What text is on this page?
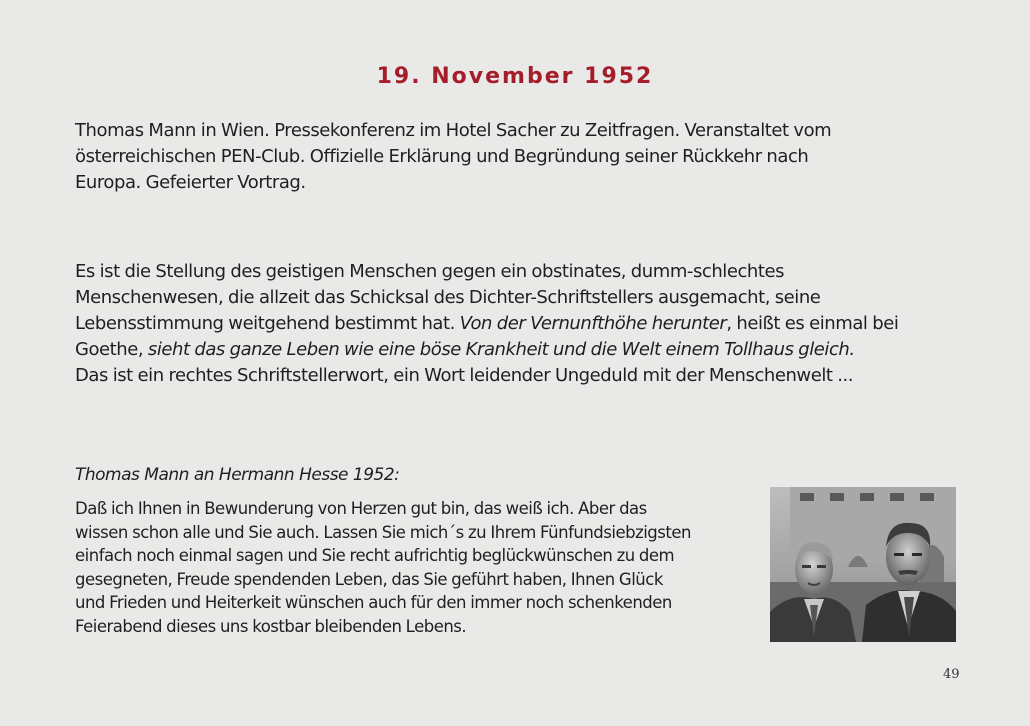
19. November 1952
Thomas Mann in Wien. Pressekonferenz im Hotel Sacher zu Zeitfragen. Veranstaltet vom
österreichischen PEN-Club. Offizielle Erklärung und Begründung seiner Rückkehr nach
Europa. Gefeierter Vortrag.
Es ist die Stellung des geistigen Menschen gegen ein obstinates, dumm-schlechtes
Menschenwesen, die allzeit das Schicksal des Dichter-Schriftstellers ausgemacht, seine
Lebensstimmung weitgehend bestimmt hat. Von der Vernunfthöhe herunter, heißt es einmal bei
Goethe, sieht das ganze Leben wie eine böse Krankheit und die Welt einem Tollhaus gleich.
Das ist ein rechtes Schriftstellerwort, ein Wort leidender Ungeduld mit der Menschenwelt ...
Thomas Mann an Hermann Hesse 1952:
Daß ich Ihnen in Bewunderung von Herzen gut bin, das weiß ich. Aber das
wissen schon alle und Sie auch. Lassen Sie mich´s zu Ihrem Fünfundsiebzigsten
einfach noch einmal sagen und Sie recht aufrichtig beglückwünschen zu dem
gesegneten, Freude spendenden Leben, das Sie geführt haben, Ihnen Glück
und Frieden und Heiterkeit wünschen auch für den immer noch schenkenden
Feierabend dieses uns kostbar bleibenden Lebens.
49
